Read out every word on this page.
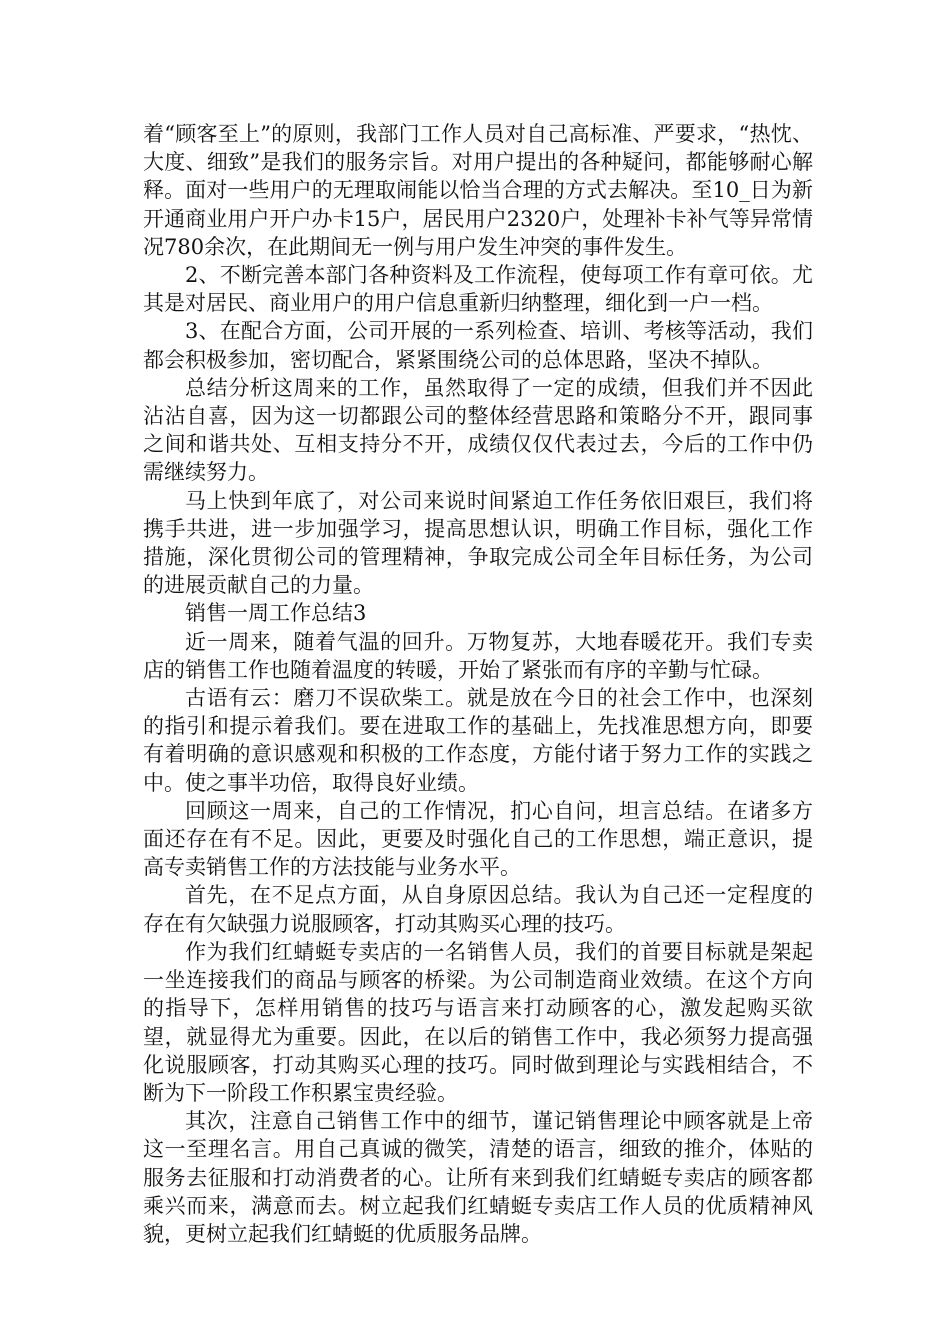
着“顾客至上”的原则，我部门工作人员对自己高标准、严要求，“热忱、大度、细致”是我们的服务宗旨。对用户提出的各种疑问，都能够耐心解释。面对一些用户的无理取闹能以恰当合理的方式去解决。至10_日为新开通商业用户开户办卡15户，居民用户2320户，处理补卡补气等异常情况780余次，在此期间无一例与用户发生冲突的事件发生。

2、不断完善本部门各种资料及工作流程，使每项工作有章可依。尤其是对居民、商业用户的用户信息重新归纳整理，细化到一户一档。

3、在配合方面，公司开展的一系列检查、培训、考核等活动，我们都会积极参加，密切配合，紧紧围绕公司的总体思路，坚决不掉队。

总结分析这周来的工作，虽然取得了一定的成绩，但我们并不因此沾沾自喜，因为这一切都跟公司的整体经营思路和策略分不开，跟同事之间和谐共处、互相支持分不开，成绩仅仅代表过去，今后的工作中仍需继续努力。

马上快到年底了，对公司来说时间紧迫工作任务依旧艰巨，我们将携手共进，进一步加强学习，提高思想认识，明确工作目标，强化工作措施，深化贯彻公司的管理精神，争取完成公司全年目标任务，为公司的进展贡献自己的力量。

销售一周工作总结3

近一周来，随着气温的回升。万物复苏，大地春暖花开。我们专卖店的销售工作也随着温度的转暖，开始了紧张而有序的辛勤与忙碌。

古语有云：磨刀不误砍柴工。就是放在今日的社会工作中，也深刻的指引和提示着我们。要在进取工作的基础上，先找准思想方向，即要有着明确的意识感观和积极的工作态度，方能付诸于努力工作的实践之中。使之事半功倍，取得良好业绩。

回顾这一周来，自己的工作情况，扪心自问，坦言总结。在诸多方面还存在有不足。因此，更要及时强化自己的工作思想，端正意识，提高专卖销售工作的方法技能与业务水平。

首先，在不足点方面，从自身原因总结。我认为自己还一定程度的存在有欠缺强力说服顾客，打动其购买心理的技巧。

作为我们红蜻蜓专卖店的一名销售人员，我们的首要目标就是架起一坐连接我们的商品与顾客的桥梁。为公司制造商业效绩。在这个方向的指导下，怎样用销售的技巧与语言来打动顾客的心，激发起购买欲望，就显得尤为重要。因此，在以后的销售工作中，我必须努力提高强化说服顾客，打动其购买心理的技巧。同时做到理论与实践相结合，不断为下一阶段工作积累宝贵经验。

其次，注意自己销售工作中的细节，谨记销售理论中顾客就是上帝这一至理名言。用自己真诚的微笑，清楚的语言，细致的推介，体贴的服务去征服和打动消费者的心。让所有来到我们红蜻蜓专卖店的顾客都乘兴而来，满意而去。树立起我们红蜻蜓专卖店工作人员的优质精神风貌，更树立起我们红蜻蜓的优质服务品牌。
